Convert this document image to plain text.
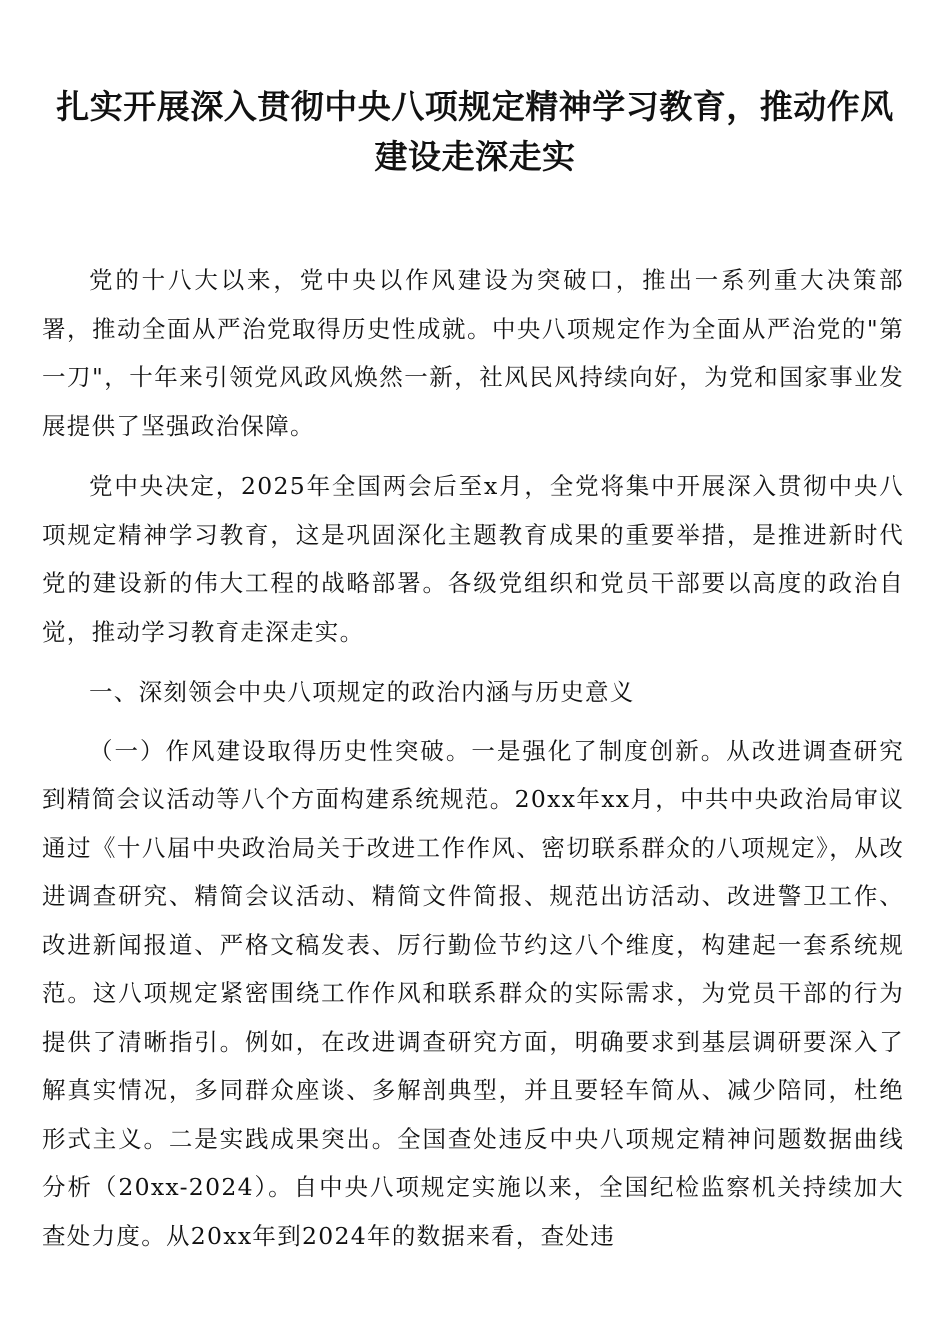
扎实开展深入贯彻中央八项规定精神学习教育，推动作风建设走深走实

党的十八大以来，党中央以作风建设为突破口，推出一系列重大决策部署，推动全面从严治党取得历史性成就。中央八项规定作为全面从严治党的"第一刀"，十年来引领党风政风焕然一新，社风民风持续向好，为党和国家事业发展提供了坚强政治保障。

党中央决定，2025年全国两会后至x月，全党将集中开展深入贯彻中央八项规定精神学习教育，这是巩固深化主题教育成果的重要举措，是推进新时代党的建设新的伟大工程的战略部署。各级党组织和党员干部要以高度的政治自觉，推动学习教育走深走实。

一、深刻领会中央八项规定的政治内涵与历史意义

（一）作风建设取得历史性突破。一是强化了制度创新。从改进调查研究到精简会议活动等八个方面构建系统规范。20xx年xx月，中共中央政治局审议通过《十八届中央政治局关于改进工作作风、密切联系群众的八项规定》，从改进调查研究、精简会议活动、精简文件简报、规范出访活动、改进警卫工作、改进新闻报道、严格文稿发表、厉行勤俭节约这八个维度，构建起一套系统规范。这八项规定紧密围绕工作作风和联系群众的实际需求，为党员干部的行为提供了清晰指引。例如，在改进调查研究方面，明确要求到基层调研要深入了解真实情况，多同群众座谈、多解剖典型，并且要轻车简从、减少陪同，杜绝形式主义。二是实践成果突出。全国查处违反中央八项规定精神问题数据曲线分析（20xx-2024）。自中央八项规定实施以来，全国纪检监察机关持续加大查处力度。从20xx年到2024年的数据来看，查处违
